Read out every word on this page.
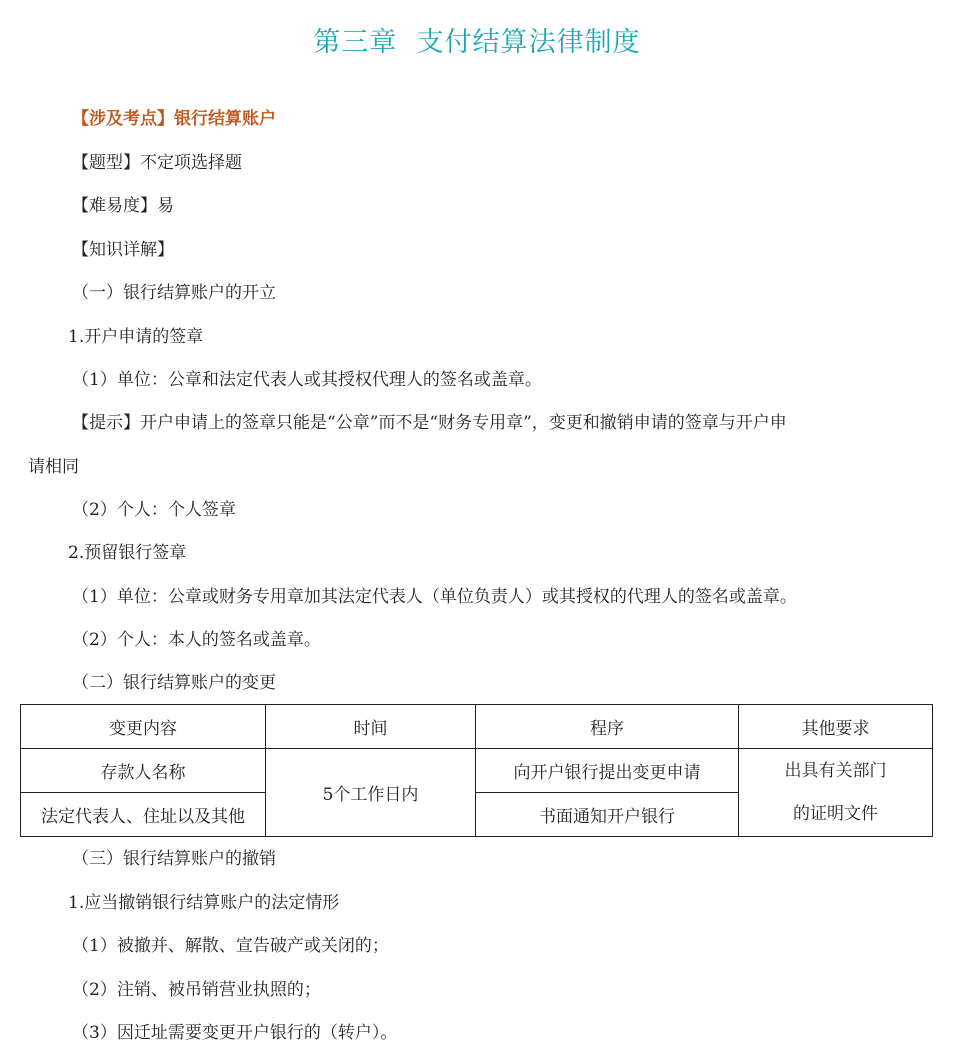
第三章  支付结算法律制度
【涉及考点】银行结算账户
【题型】不定项选择题
【难易度】易
【知识详解】
（一）银行结算账户的开立
1.开户申请的签章
（1）单位：公章和法定代表人或其授权代理人的签名或盖章。
【提示】开户申请上的签章只能是“公章”而不是“财务专用章”，变更和撤销申请的签章与开户申
请相同
（2）个人：个人签章
2.预留银行签章
（1）单位：公章或财务专用章加其法定代表人（单位负责人）或其授权的代理人的签名或盖章。
（2）个人：本人的签名或盖章。
（二）银行结算账户的变更
变更内容	时间	程序	其他要求
存款人名称	5个工作日内	向开户银行提出变更申请	出具有关部门
的证明文件

法定代表人、住址以及其他		书面通知开户银行	
（三）银行结算账户的撤销
1.应当撤销银行结算账户的法定情形
（1）被撤并、解散、宣告破产或关闭的；
（2）注销、被吊销营业执照的；
（3）因迁址需要变更开户银行的（转户）。
